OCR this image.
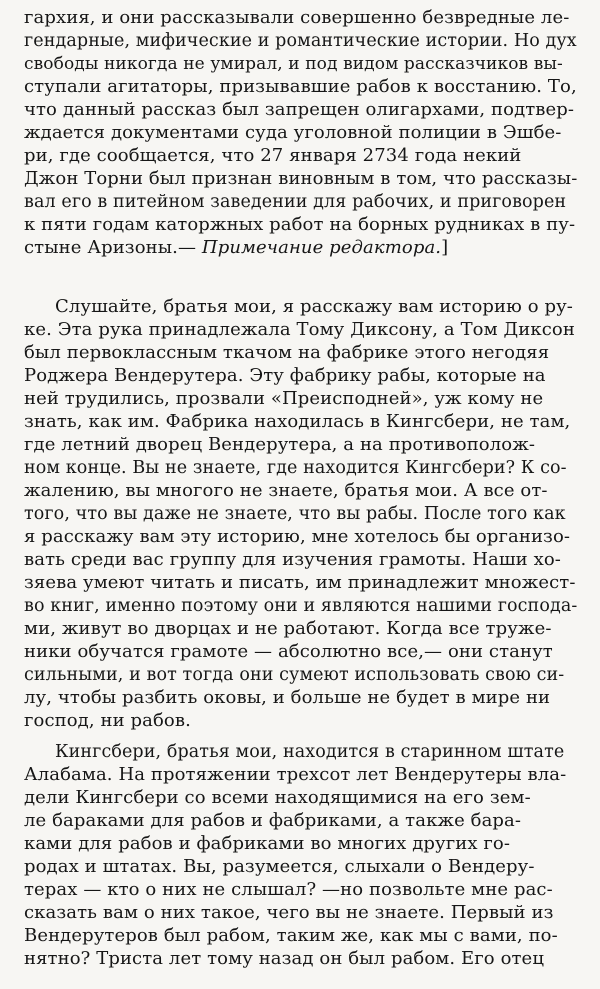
гархия, и они рассказывали совершенно безвредные ле-
гендарные, мифические и романтические истории. Но дух
свободы никогда не умирал, и под видом рассказчиков вы-
ступали агитаторы, призывавшие рабов к восстанию. То,
что данный рассказ был запрещен олигархами, подтвер-
ждается документами суда уголовной полиции в Эшбе-
ри, где сообщается, что 27 января 2734 года некий
Джон Торни был признан виновным в том, что рассказы-
вал его в питейном заведении для рабочих, и приговорен
к пяти годам каторжных работ на борных рудниках в пу-
стыне Аризоны.— Примечание редактора.]
Слушайте, братья мои, я расскажу вам историю о ру-
ке. Эта рука принадлежала Тому Диксону, а Том Диксон
был первоклассным ткачом на фабрике этого негодяя
Роджера Вендерутера. Эту фабрику рабы, которые на
ней трудились, прозвали «Преисподней», уж кому не
знать, как им. Фабрика находилась в Кингсбери, не там,
где летний дворец Вендерутера, а на противополож-
ном конце. Вы не знаете, где находится Кингсбери? К со-
жалению, вы многого не знаете, братья мои. А все от-
того, что вы даже не знаете, что вы рабы. После того как
я расскажу вам эту историю, мне хотелось бы организо-
вать среди вас группу для изучения грамоты. Наши хо-
зяева умеют читать и писать, им принадлежит множест-
во книг, именно поэтому они и являются нашими господа-
ми, живут во дворцах и не работают. Когда все труже-
ники обучатся грамоте — абсолютно все,— они станут
сильными, и вот тогда они сумеют использовать свою си-
лу, чтобы разбить оковы, и больше не будет в мире ни
господ, ни рабов.
Кингсбери, братья мои, находится в старинном штате
Алабама. На протяжении трехсот лет Вендерутеры вла-
дели Кингсбери со всеми находящимися на его зем-
ле бараками для рабов и фабриками, а также бара-
ками для рабов и фабриками во многих других го-
родах и штатах. Вы, разумеется, слыхали о Вендеру-
терах — кто о них не слышал? —но позвольте мне рас-
сказать вам о них такое, чего вы не знаете. Первый из
Вендерутеров был рабом, таким же, как мы с вами, по-
нятно? Триста лет тому назад он был рабом. Его отец
